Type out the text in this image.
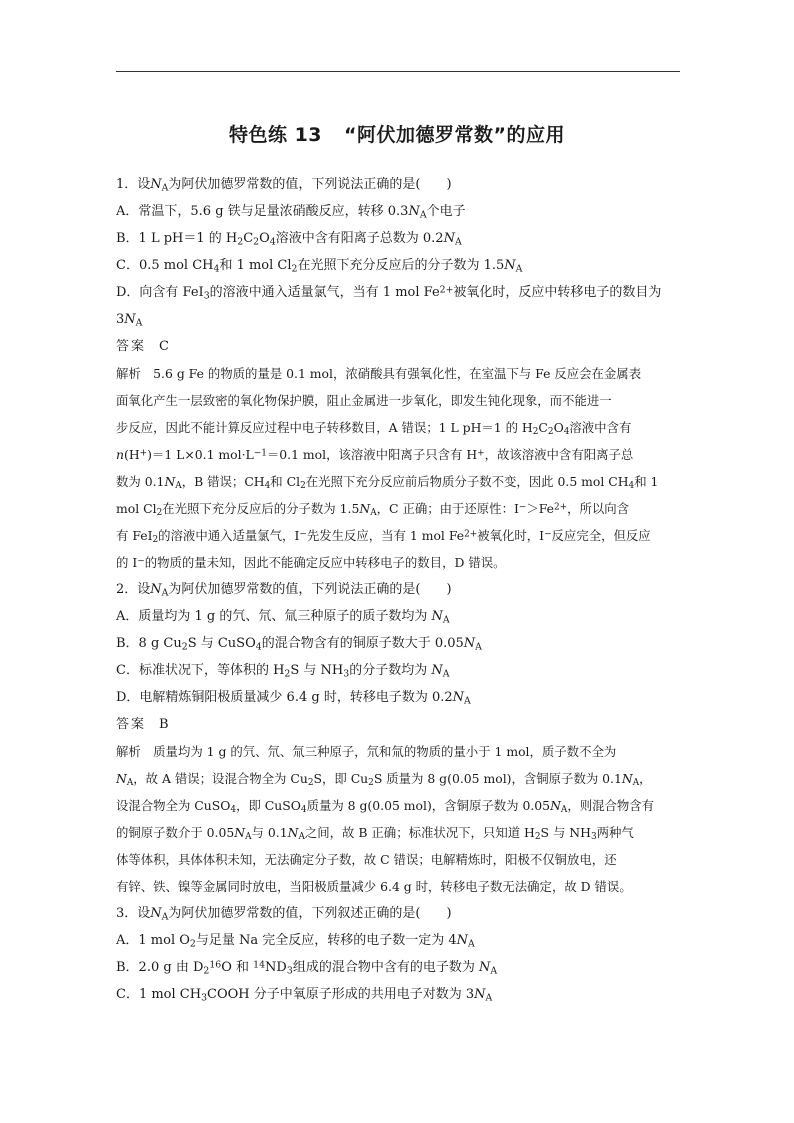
特色练 13 “阿伏加德罗常数”的应用
1．设$N_A$为阿伏加德罗常数的值，下列说法正确的是(　　)
A．常温下，5.6 g 铁与足量浓硝酸反应，转移 $0.3N_A$个电子
B．1 L pH＝1 的 $H_2C_2O_4$溶液中含有阳离子总数为 $0.2N_A$
C．0.5 mol $CH_4$和 1 mol $Cl_2$在光照下充分反应后的分子数为 $1.5N_A$
D．向含有 FeI$_3$的溶液中通入适量氯气，当有 1 mol $Fe^{2+}$被氧化时，反应中转移电子的数目为
$3N_A$
答案　 C
解析　5.6 g Fe 的物质的量是 0.1 mol，浓硝酸具有强氧化性，在室温下与 Fe 反应会在金属表
面氧化产生一层致密的氧化物保护膜，阻止金属进一步氧化，即发生钝化现象，而不能进一
步反应，因此不能计算反应过程中电子转移数目，A 错误；1 L pH＝1 的 $H_2C_2O_4$溶液中含有
n(H+)＝1 L×0.1 $mol\cdot L^{-1}=0.1$ mol，该溶液中阳离子只含有 H+，故该溶液中含有阳离子总
数为 $0.1N_A$，B 错误；$CH_4$和 $Cl_2$在光照下充分反应前后物质分子数不变，因此 0.5 mol $CH_4$和 1
mol $Cl_2$在光照下充分反应后的分子数为 $1.5N_A$，C 正确；由于还原性：$I^->Fe^{2+}$，所以向含
有 FeI$_2$的溶液中通入适量氯气，I−先发生反应，当有 1 mol $Fe^{2+}$被氧化时，I−反应完全，但反应
的 I−的物质的量未知，因此不能确定反应中转移电子的数目，D 错误。
2．设$N_A$为阿伏加德罗常数的值，下列说法正确的是(　　)
A．质量均为 1 g 的氕、氘、氚三种原子的质子数均为 $N_A$
B．8 g $Cu_2S$ 与 CuSO$_4$的混合物含有的铜原子数大于 $0.05N_A$
C．标准状况下，等体积的 $H_2S$ 与 $NH_3$的分子数均为 $N_A$
D．电解精炼铜阳极质量减少 6.4 g 时，转移电子数为 $0.2N_A$
答案　 B
解析　质量均为 1 g 的氕、氘、氚三种原子，氘和氚的物质的量小于 1 mol，质子数不全为
$N_A$，故 A 错误；设混合物全为 $Cu_2S$，即 $Cu_2S$ 质量为 8 g(0.05 mol)，含铜原子数为 $0.1N_A$，
设混合物全为 CuSO$_4$，即 CuSO$_4$质量为 8 g(0.05 mol)，含铜原子数为 $0.05N_A$，则混合物含有
的铜原子数介于 $0.05N_A$与 $0.1N_A$之间，故 B 正确；标准状况下，只知道 $H_2S$ 与 $NH_3$两种气
体等体积，具体体积未知，无法确定分子数，故 C 错误；电解精炼时，阳极不仅铜放电，还
有锌、铁、镍等金属同时放电，当阳极质量减少 6.4 g 时，转移电子数无法确定，故 D 错误。
3．设$N_A$为阿伏加德罗常数的值，下列叙述正确的是(　　)
A．1 mol $O_2$与足量 Na 完全反应，转移的电子数一定为 $4N_A$
B．2.0 g 由 $D_2^{16}O$ 和 $^{14}ND_3$组成的混合物中含有的电子数为 $N_A$
C．1 mol $CH_3COOH$ 分子中氧原子形成的共用电子对数为 $3N_A$
